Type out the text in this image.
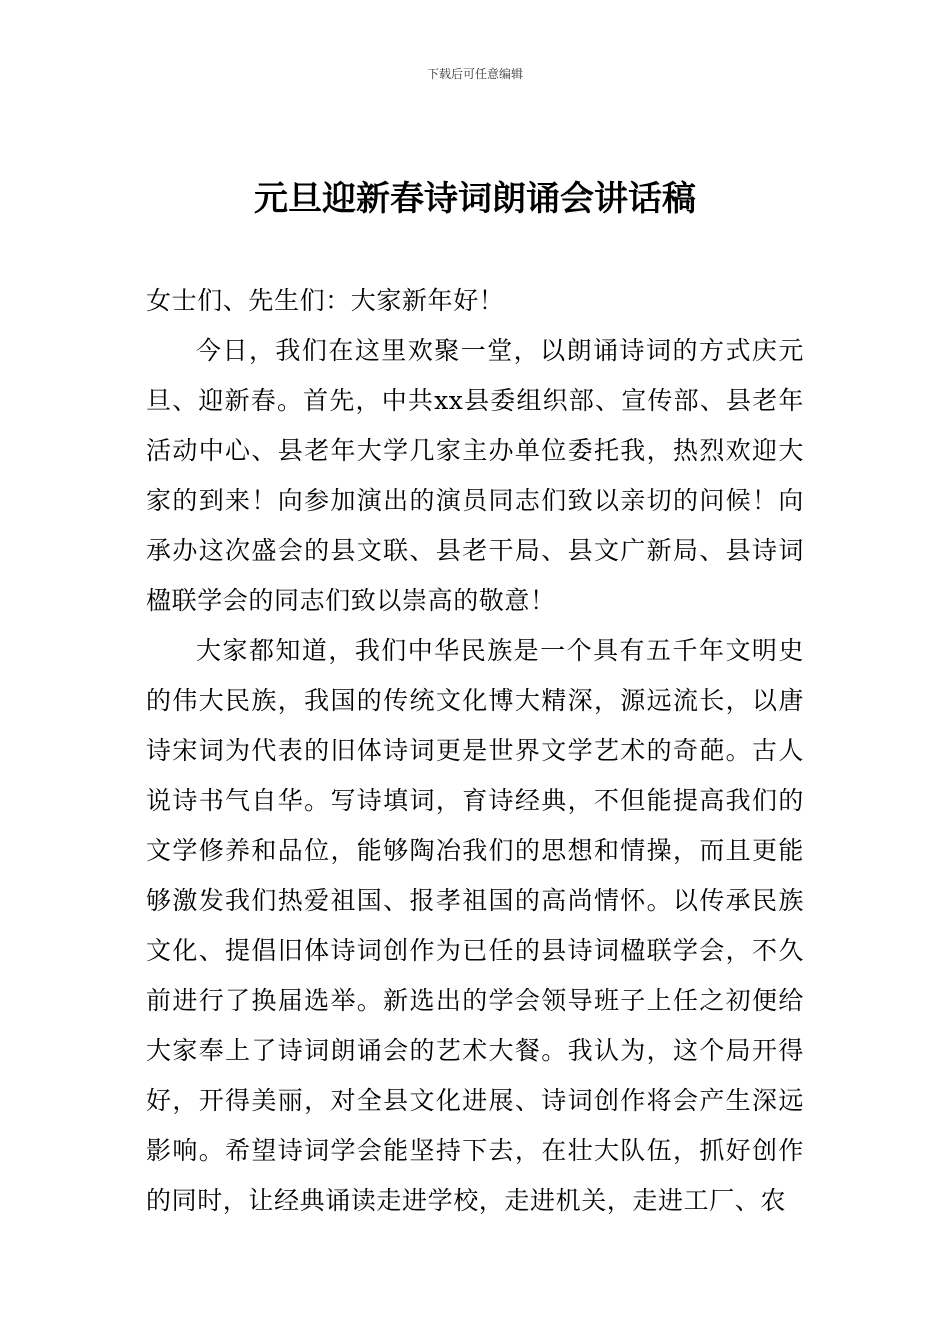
下载后可任意编辑
元旦迎新春诗词朗诵会讲话稿

女士们、先生们：大家新年好！

今日，我们在这里欢聚一堂，以朗诵诗词的方式庆元旦、迎新春。首先，中共xx县委组织部、宣传部、县老年活动中心、县老年大学几家主办单位委托我，热烈欢迎大家的到来！向参加演出的演员同志们致以亲切的问候！向承办这次盛会的县文联、县老干局、县文广新局、县诗词楹联学会的同志们致以崇高的敬意！

大家都知道，我们中华民族是一个具有五千年文明史的伟大民族，我国的传统文化博大精深，源远流长，以唐诗宋词为代表的旧体诗词更是世界文学艺术的奇葩。古人说诗书气自华。写诗填词，育诗经典，不但能提高我们的文学修养和品位，能够陶冶我们的思想和情操，而且更能够激发我们热爱祖国、报孝祖国的高尚情怀。以传承民族文化、提倡旧体诗词创作为已任的县诗词楹联学会，不久前进行了换届选举。新选出的学会领导班子上任之初便给大家奉上了诗词朗诵会的艺术大餐。我认为，这个局开得好，开得美丽，对全县文化进展、诗词创作将会产生深远影响。希望诗词学会能坚持下去，在壮大队伍，抓好创作的同时，让经典诵读走进学校，走进机关，走进工厂、农
